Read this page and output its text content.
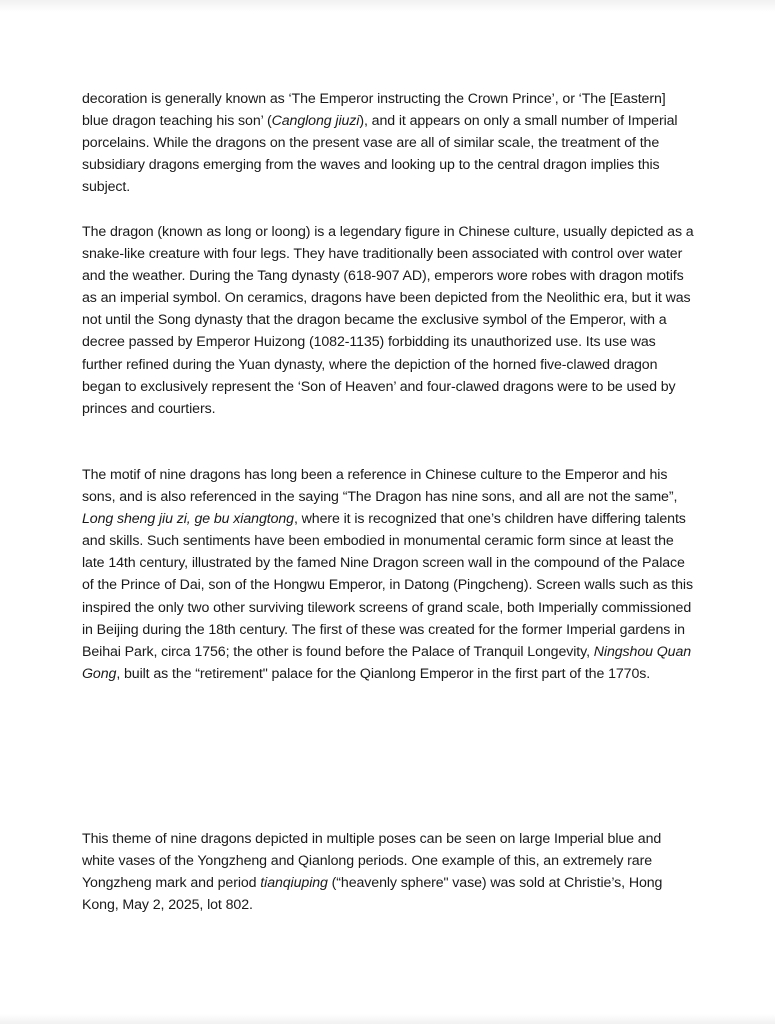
decoration is generally known as ‘The Emperor instructing the Crown Prince’, or ‘The [Eastern] blue dragon teaching his son’ (Canglong jiuzi), and it appears on only a small number of Imperial porcelains. While the dragons on the present vase are all of similar scale, the treatment of the subsidiary dragons emerging from the waves and looking up to the central dragon implies this subject.

The dragon (known as long or loong) is a legendary figure in Chinese culture, usually depicted as a snake-like creature with four legs. They have traditionally been associated with control over water and the weather. During the Tang dynasty (618-907 AD), emperors wore robes with dragon motifs as an imperial symbol. On ceramics, dragons have been depicted from the Neolithic era, but it was not until the Song dynasty that the dragon became the exclusive symbol of the Emperor, with a decree passed by Emperor Huizong (1082-1135) forbidding its unauthorized use. Its use was further refined during the Yuan dynasty, where the depiction of the horned five-clawed dragon began to exclusively represent the ‘Son of Heaven’ and four-clawed dragons were to be used by princes and courtiers.

The motif of nine dragons has long been a reference in Chinese culture to the Emperor and his sons, and is also referenced in the saying “The Dragon has nine sons, and all are not the same”, Long sheng jiu zi, ge bu xiangtong, where it is recognized that one’s children have differing talents and skills. Such sentiments have been embodied in monumental ceramic form since at least the late 14th century, illustrated by the famed Nine Dragon screen wall in the compound of the Palace of the Prince of Dai, son of the Hongwu Emperor, in Datong (Pingcheng). Screen walls such as this inspired the only two other surviving tilework screens of grand scale, both Imperially commissioned in Beijing during the 18th century. The first of these was created for the former Imperial gardens in Beihai Park, circa 1756; the other is found before the Palace of Tranquil Longevity, Ningshou Quan Gong, built as the “retirement" palace for the Qianlong Emperor in the first part of the 1770s.

This theme of nine dragons depicted in multiple poses can be seen on large Imperial blue and white vases of the Yongzheng and Qianlong periods. One example of this, an extremely rare Yongzheng mark and period tianqiuping (“heavenly sphere" vase) was sold at Christie’s, Hong Kong, May 2, 2025, lot 802.
